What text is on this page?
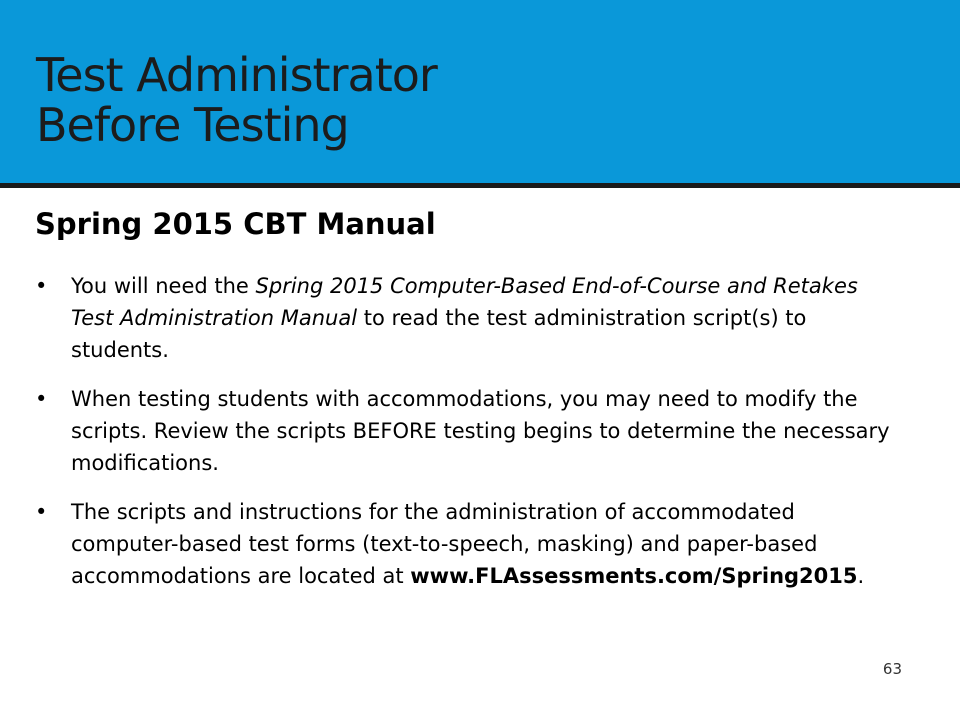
Test Administrator
Before Testing
Spring 2015 CBT Manual
• You will need the Spring 2015 Computer-Based End-of-Course and Retakes Test Administration Manual to read the test administration script(s) to students.
• When testing students with accommodations, you may need to modify the scripts. Review the scripts BEFORE testing begins to determine the necessary modifications.
• The scripts and instructions for the administration of accommodated computer-based test forms (text-to-speech, masking) and paper-based accommodations are located at www.FLAssessments.com/Spring2015.
63
